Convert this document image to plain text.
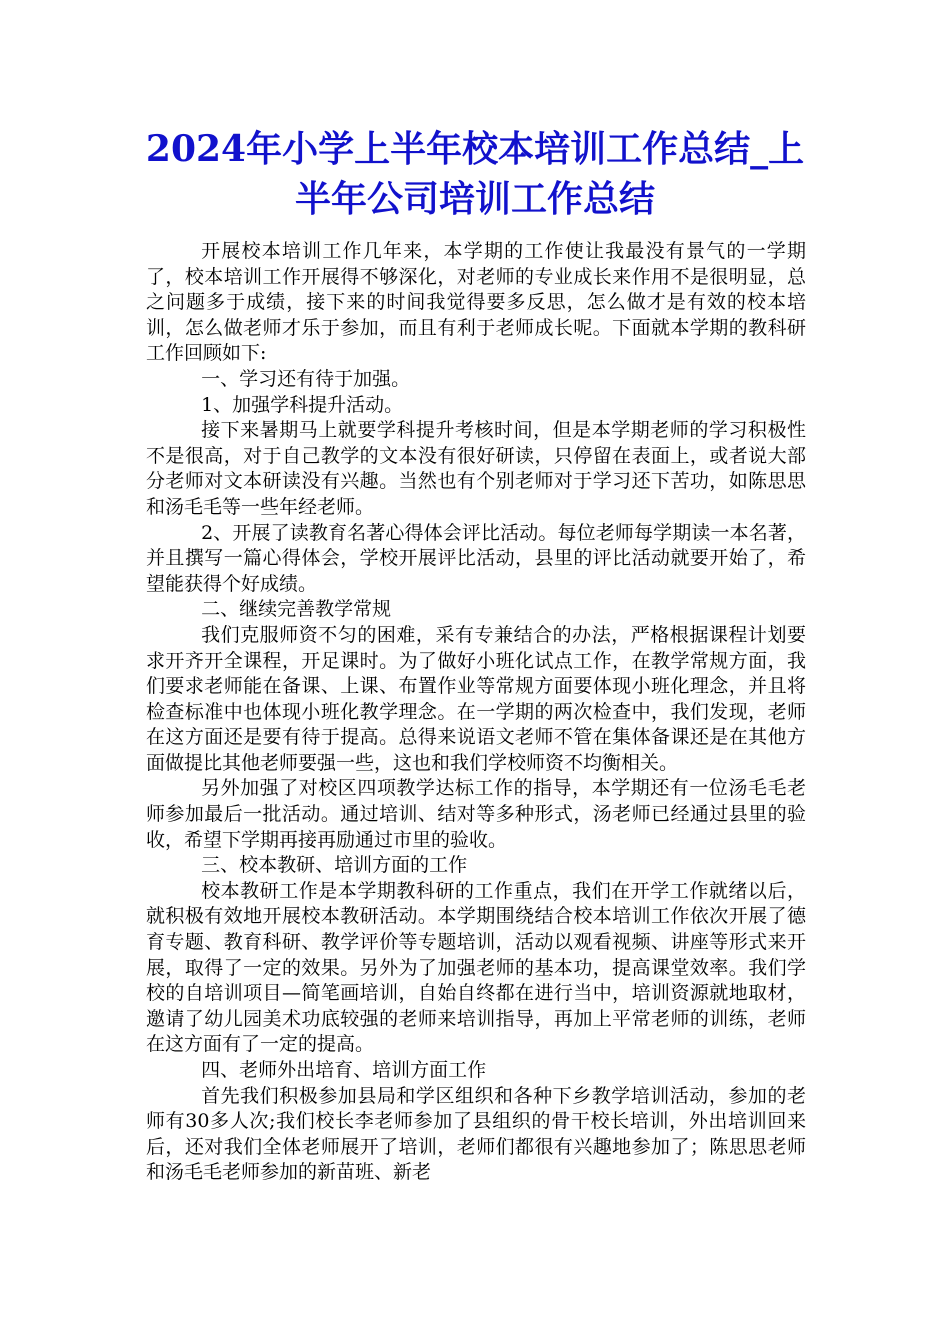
2024年小学上半年校本培训工作总结_上半年公司培训工作总结

开展校本培训工作几年来，本学期的工作使让我最没有景气的一学期了，校本培训工作开展得不够深化，对老师的专业成长来作用不是很明显，总之问题多于成绩，接下来的时间我觉得要多反思，怎么做才是有效的校本培训，怎么做老师才乐于参加，而且有利于老师成长呢。下面就本学期的教科研工作回顾如下:

一、学习还有待于加强。

1、加强学科提升活动。

接下来暑期马上就要学科提升考核时间，但是本学期老师的学习积极性不是很高，对于自己教学的文本没有很好研读，只停留在表面上，或者说大部分老师对文本研读没有兴趣。当然也有个别老师对于学习还下苦功，如陈思思和汤毛毛等一些年经老师。

2、开展了读教育名著心得体会评比活动。每位老师每学期读一本名著，并且撰写一篇心得体会，学校开展评比活动，县里的评比活动就要开始了，希望能获得个好成绩。

二、继续完善教学常规

我们克服师资不匀的困难，采有专兼结合的办法，严格根据课程计划要求开齐开全课程，开足课时。为了做好小班化试点工作，在教学常规方面，我们要求老师能在备课、上课、布置作业等常规方面要体现小班化理念，并且将检查标准中也体现小班化教学理念。在一学期的两次检查中，我们发现，老师在这方面还是要有待于提高。总得来说语文老师不管在集体备课还是在其他方面做提比其他老师要强一些，这也和我们学校师资不均衡相关。

另外加强了对校区四项教学达标工作的指导，本学期还有一位汤毛毛老师参加最后一批活动。通过培训、结对等多种形式，汤老师已经通过县里的验收，希望下学期再接再励通过市里的验收。

三、校本教研、培训方面的工作

校本教研工作是本学期教科研的工作重点，我们在开学工作就绪以后，就积极有效地开展校本教研活动。本学期围绕结合校本培训工作依次开展了德育专题、教育科研、教学评价等专题培训，活动以观看视频、讲座等形式来开展，取得了一定的效果。另外为了加强老师的基本功，提高课堂效率。我们学校的自培训项目—简笔画培训，自始自终都在进行当中，培训资源就地取材，邀请了幼儿园美术功底较强的老师来培训指导，再加上平常老师的训练，老师在这方面有了一定的提高。

四、老师外出培育、培训方面工作

首先我们积极参加县局和学区组织和各种下乡教学培训活动，参加的老师有30多人次;我们校长李老师参加了县组织的骨干校长培训，外出培训回来后，还对我们全体老师展开了培训，老师们都很有兴趣地参加了；陈思思老师和汤毛毛老师参加的新苗班、新老
